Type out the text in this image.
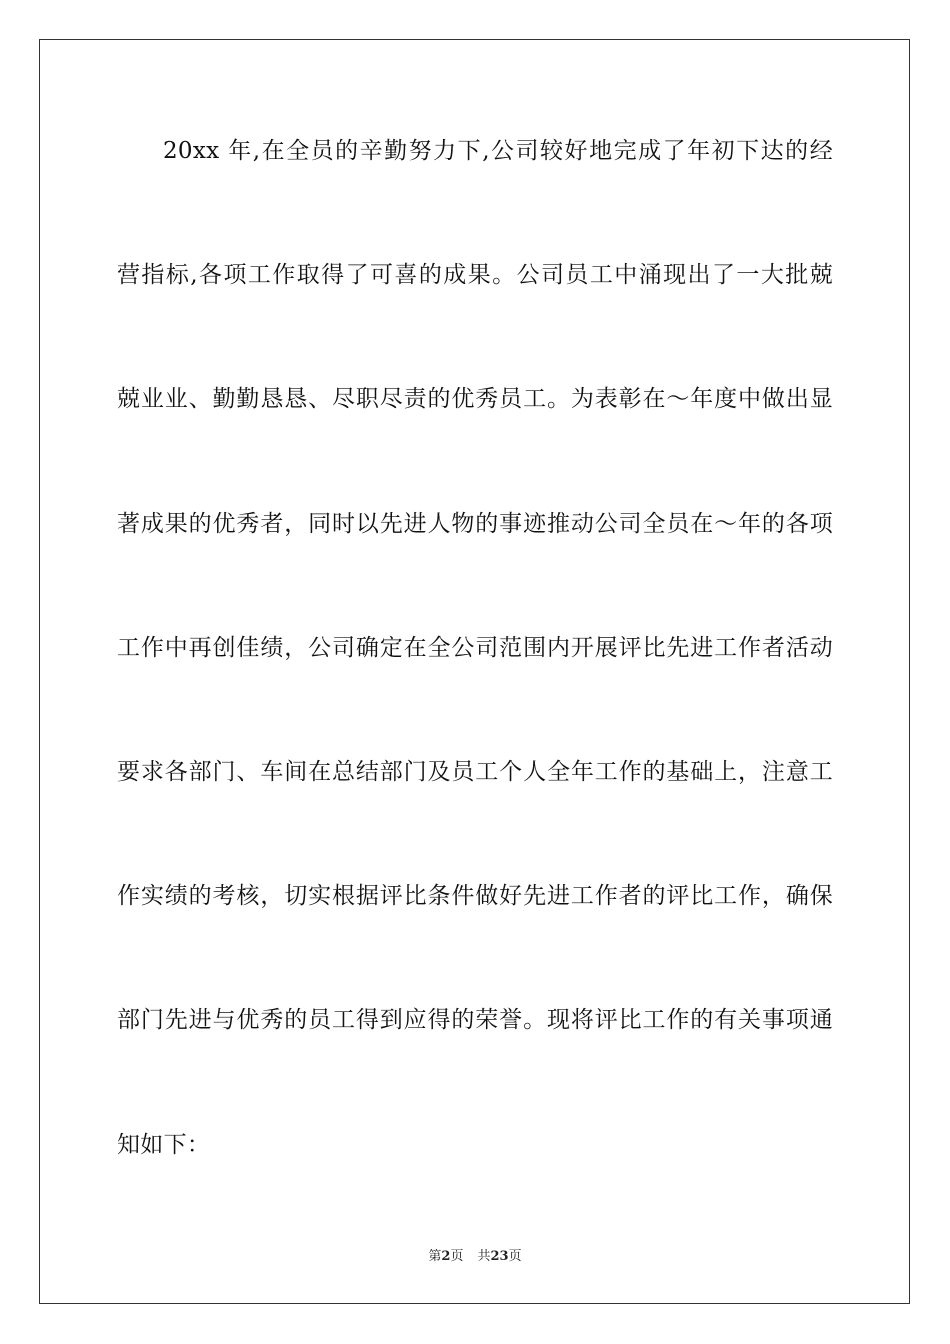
20xx 年,在全员的辛勤努力下,公司较好地完成了年初下达的经
营指标,各项工作取得了可喜的成果。公司员工中涌现出了一大批兢
兢业业、勤勤恳恳、尽职尽责的优秀员工。为表彰在～年度中做出显
著成果的优秀者，同时以先进人物的事迹推动公司全员在～年的各项
工作中再创佳绩，公司确定在全公司范围内开展评比先进工作者活动
要求各部门、车间在总结部门及员工个人全年工作的基础上，注意工
作实绩的考核，切实根据评比条件做好先进工作者的评比工作，确保
部门先进与优秀的员工得到应得的荣誉。现将评比工作的有关事项通
知如下：
第2页 共23页
